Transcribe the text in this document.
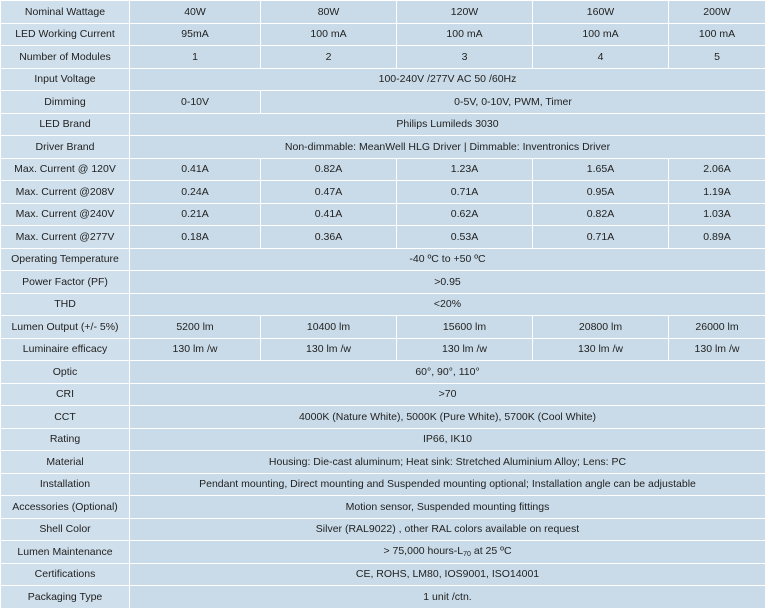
Nominal Wattage	40W	80W	120W	160W	200W
LED Working Current	95mA	100 mA	100 mA	100 mA	100 mA
Number of Modules	1	2	3	4	5
Input Voltage	100-240V /277V AC 50 /60Hz				
Dimming	0-10V	0-5V, 0-10V, PWM, Timer			
LED Brand	Philips Lumileds 3030				
Driver Brand	Non-dimmable: MeanWell HLG Driver | Dimmable: Inventronics Driver				
Max. Current @ 120V	0.41A	0.82A	1.23A	1.65A	2.06A
Max. Current @208V	0.24A	0.47A	0.71A	0.95A	1.19A
Max. Current @240V	0.21A	0.41A	0.62A	0.82A	1.03A
Max. Current @277V	0.18A	0.36A	0.53A	0.71A	0.89A
Operating Temperature	-40 ºC to +50 ºC				
Power Factor (PF)	>0.95				
THD	<20%				
Lumen Output (+/- 5%)	5200 lm	10400 lm	15600 lm	20800 lm	26000 lm
Luminaire efficacy	130 lm /w	130 lm /w	130 lm /w	130 lm /w	130 lm /w
Optic	60°, 90°, 110°				
CRI	>70				
CCT	4000K (Nature White), 5000K (Pure White), 5700K (Cool White)				
Rating	IP66, IK10				
Material	Housing: Die-cast aluminum; Heat sink: Stretched Aluminium Alloy; Lens: PC				
Installation	Pendant mounting, Direct mounting and Suspended mounting optional; Installation angle can be adjustable				
Accessories (Optional)	Motion sensor, Suspended mounting fittings				
Shell Color	Silver (RAL9022) , other RAL colors available on request				
Lumen Maintenance	> 75,000 hours-$L_{70}$ at 25 ºC				
Certifications	CE, ROHS, LM80, IOS9001, ISO14001				
Packaging Type	1 unit /ctn.				
